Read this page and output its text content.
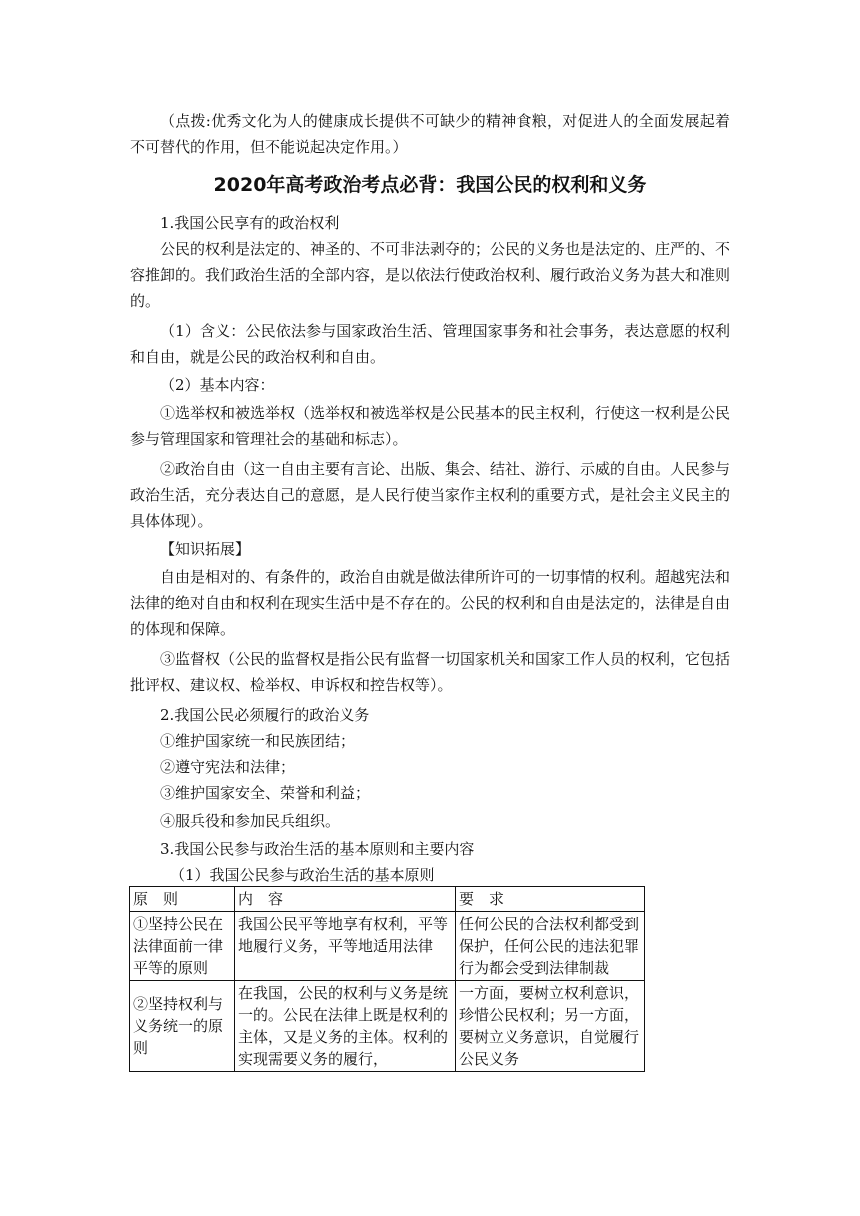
（点拨:优秀文化为人的健康成长提供不可缺少的精神食粮，对促进人的全面发展起着不可替代的作用，但不能说起决定作用。）

2020年高考政治考点必背：我国公民的权利和义务

1.我国公民享有的政治权利

公民的权利是法定的、神圣的、不可非法剥夺的；公民的义务也是法定的、庄严的、不容推卸的。我们政治生活的全部内容，是以依法行使政治权利、履行政治义务为甚大和准则的。

（1）含义：公民依法参与国家政治生活、管理国家事务和社会事务，表达意愿的权利和自由，就是公民的政治权利和自由。

（2）基本内容：

①选举权和被选举权（选举权和被选举权是公民基本的民主权利，行使这一权利是公民参与管理国家和管理社会的基础和标志）。

②政治自由（这一自由主要有言论、出版、集会、结社、游行、示威的自由。人民参与政治生活，充分表达自己的意愿，是人民行使当家作主权利的重要方式，是社会主义民主的具体体现）。

【知识拓展】

自由是相对的、有条件的，政治自由就是做法律所许可的一切事情的权利。超越宪法和法律的绝对自由和权利在现实生活中是不存在的。公民的权利和自由是法定的，法律是自由的体现和保障。

③监督权（公民的监督权是指公民有监督一切国家机关和国家工作人员的权利，它包括批评权、建议权、检举权、申诉权和控告权等）。

2.我国公民必须履行的政治义务

①维护国家统一和民族团结；

②遵守宪法和法律；

③维护国家安全、荣誉和利益；

④服兵役和参加民兵组织。

3.我国公民参与政治生活的基本原则和主要内容

（1）我国公民参与政治生活的基本原则

原　则	内　容	要　求
①坚持公民在法律面前一律平等的原则	我国公民平等地享有权利，平等地履行义务，平等地适用法律	任何公民的合法权利都受到保护，任何公民的违法犯罪行为都会受到法律制裁
②坚持权利与义务统一的原则	在我国，公民的权利与义务是统一的。公民在法律上既是权利的主体，又是义务的主体。权利的实现需要义务的履行，	一方面，要树立权利意识，珍惜公民权利；另一方面，要树立义务意识，自觉履行公民义务
